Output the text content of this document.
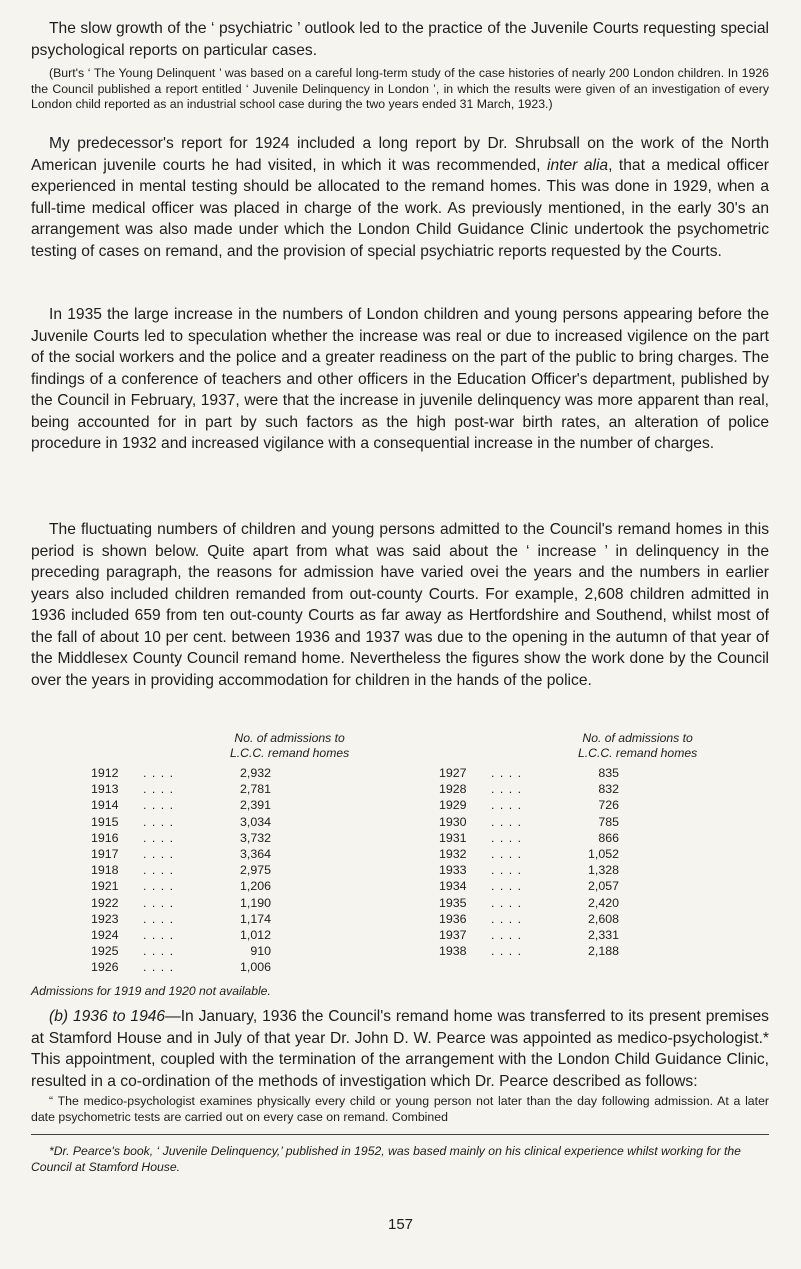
The slow growth of the ‘ psychiatric ’ outlook led to the practice of the Juvenile Courts requesting special psychological reports on particular cases.

(Burt's ‘ The Young Delinquent ’ was based on a careful long-term study of the case histories of nearly 200 London children. In 1926 the Council published a report entitled ‘ Juvenile Delinquency in London ’, in which the results were given of an investigation of every London child reported as an industrial school case during the two years ended 31 March, 1923.)

My predecessor's report for 1924 included a long report by Dr. Shrubsall on the work of the North American juvenile courts he had visited, in which it was recommended, inter alia, that a medical officer experienced in mental testing should be allocated to the remand homes. This was done in 1929, when a full-time medical officer was placed in charge of the work. As previously mentioned, in the early 30's an arrangement was also made under which the London Child Guidance Clinic undertook the psychometric testing of cases on remand, and the provision of special psychiatric reports requested by the Courts.

In 1935 the large increase in the numbers of London children and young persons appearing before the Juvenile Courts led to speculation whether the increase was real or due to increased vigilence on the part of the social workers and the police and a greater readiness on the part of the public to bring charges. The findings of a conference of teachers and other officers in the Education Officer's department, published by the Council in February, 1937, were that the increase in juvenile delinquency was more apparent than real, being accounted for in part by such factors as the high post-war birth rates, an alteration of police procedure in 1932 and increased vigilance with a consequential increase in the number of charges.

The fluctuating numbers of children and young persons admitted to the Council's remand homes in this period is shown below. Quite apart from what was said about the ‘ increase ’ in delinquency in the preceding paragraph, the reasons for admission have varied ovei the years and the numbers in earlier years also included children remanded from out-county Courts. For example, 2,608 children admitted in 1936 included 659 from ten out-county Courts as far away as Hertfordshire and Southend, whilst most of the fall of about 10 per cent. between 1936 and 1937 was due to the opening in the autumn of that year of the Middlesex County Council remand home. Nevertheless the figures show the work done by the Council over the years in providing accommodation for children in the hands of the police.

No. of admissions to
L.C.C. remand homes
No. of admissions to
L.C.C. remand homes
1912 . . . .	2,932
1913 . . . .	2,781
1914 . . . .	2,391
1915 . . . .	3,034
1916 . . . .	3,732
1917 . . . .	3,364
1918 . . . .	2,975
1921 . . . .	1,206
1922 . . . .	1,190
1923 . . . .	1,174
1924 . . . .	1,012
1925 . . . .	910
1926 . . . .	1,006
1927 . . . .	835
1928 . . . .	832
1929 . . . .	726
1930 . . . .	785
1931 . . . .	866
1932 . . . .	1,052
1933 . . . .	1,328
1934 . . . .	2,057
1935 . . . .	2,420
1936 . . . .	2,608
1937 . . . .	2,331
1938 . . . .	2,188
Admissions for 1919 and 1920 not available.

(b) 1936 to 1946—In January, 1936 the Council's remand home was transferred to its present premises at Stamford House and in July of that year Dr. John D. W. Pearce was appointed as medico-psychologist.* This appointment, coupled with the termination of the arrangement with the London Child Guidance Clinic, resulted in a co-ordination of the methods of investigation which Dr. Pearce described as follows:

“ The medico-psychologist examines physically every child or young person not later than the day following admission. At a later date psychometric tests are carried out on every case on remand. Combined

*Dr. Pearce's book, ‘ Juvenile Delinquency,’ published in 1952, was based mainly on his clinical experience whilst working for the Council at Stamford House.
157
